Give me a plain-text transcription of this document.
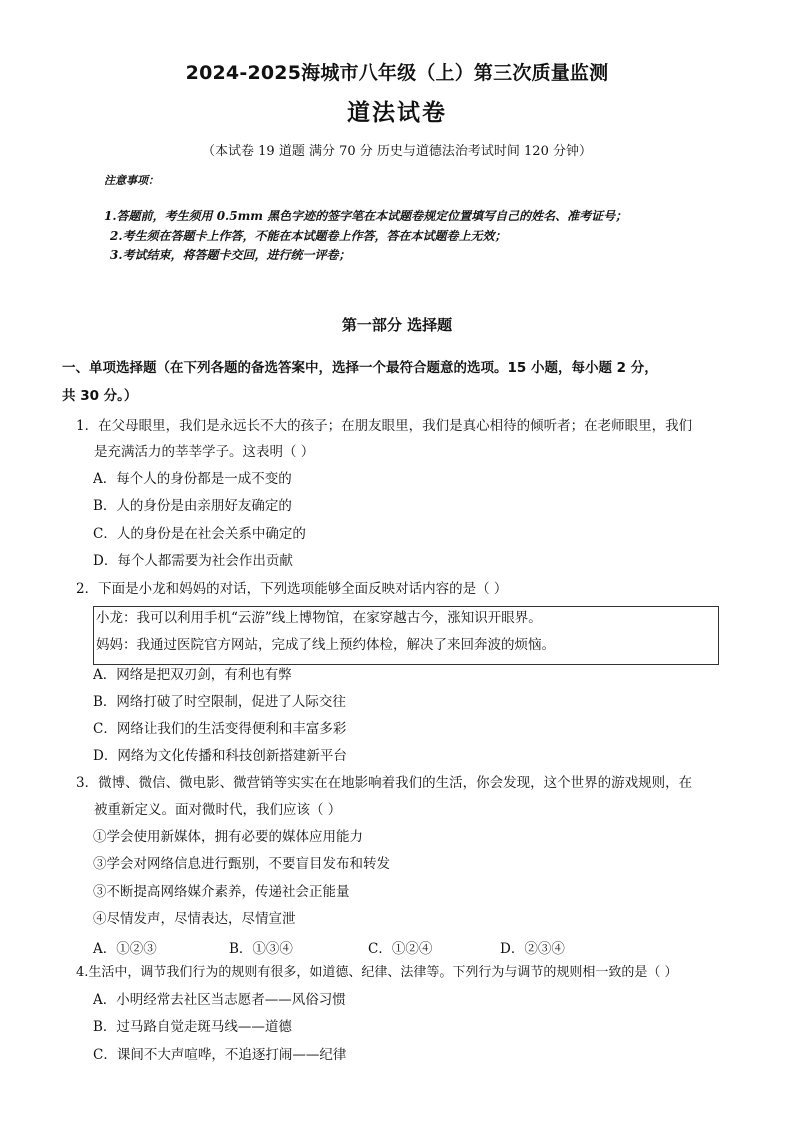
2024-2025海城市八年级（上）第三次质量监测
道法试卷
（本试卷 19 道题 满分 70 分 历史与道德法治考试时间 120 分钟）
注意事项：
1.答题前，考生须用 0.5mm 黑色字迹的签字笔在本试题卷规定位置填写自己的姓名、准考证号；
2.考生须在答题卡上作答，不能在本试题卷上作答，答在本试题卷上无效；
3.考试结束，将答题卡交回，进行统一评卷；
第一部分 选择题
一、单项选择题（在下列各题的备选答案中，选择一个最符合题意的选项。15 小题，每小题 2 分，
共 30 分。）
1．在父母眼里，我们是永远长不大的孩子；在朋友眼里，我们是真心相待的倾听者；在老师眼里，我们
是充满活力的莘莘学子。这表明（ ）
A．每个人的身份都是一成不变的
B．人的身份是由亲朋好友确定的
C．人的身份是在社会关系中确定的
D．每个人都需要为社会作出贡献
2．下面是小龙和妈妈的对话，下列选项能够全面反映对话内容的是（ ）
小龙：我可以利用手机“云游”线上博物馆，在家穿越古今，涨知识开眼界。
妈妈：我通过医院官方网站，完成了线上预约体检，解决了来回奔波的烦恼。
A．网络是把双刃剑，有利也有弊
B．网络打破了时空限制，促进了人际交往
C．网络让我们的生活变得便利和丰富多彩
D．网络为文化传播和科技创新搭建新平台
3．微博、微信、微电影、微营销等实实在在地影响着我们的生活，你会发现，这个世界的游戏规则，在
被重新定义。面对微时代，我们应该（ ）
①学会使用新媒体，拥有必要的媒体应用能力
③学会对网络信息进行甄别，不要盲目发布和转发
③不断提高网络媒介素养，传递社会正能量
④尽情发声，尽情表达，尽情宣泄
A．①②③	B．①③④	C．①②④	D．②③④
4.生活中，调节我们行为的规则有很多，如道德、纪律、法律等。下列行为与调节的规则相一致的是（ ）
A．小明经常去社区当志愿者——风俗习惯
B．过马路自觉走斑马线——道德
C．课间不大声喧哗，不追逐打闹——纪律
